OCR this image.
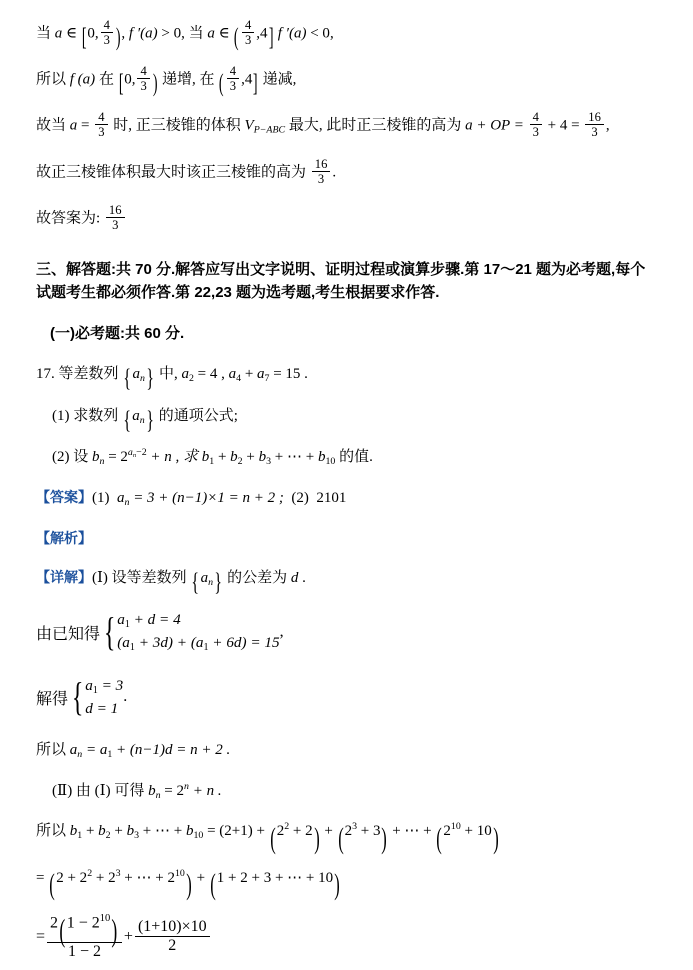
当 a ∈ [0, $\frac{4}{3}$ ), f ′(a) > 0, 当 a ∈ ( $\frac{4}{3} ,4$] f ′(a) < 0,
所以 f (a) 在 [0, $\frac{4}{3}$ ) 递增, 在 ( $\frac{4}{3} ,4$] 递减,
故当 $a = \frac{4}{3}$ 时, 正三棱锥的体积 $V_{P-ABC}$ 最大, 此时正三棱锥的高为 a + OP = $\frac{4}{3} + 4 = \frac{16}{3}$ ,
故正三棱锥体积最大时该正三棱锥的高为 $\frac{16}{3}$ .
故答案为: $\frac{16}{3}$
三、解答题:共 70 分.解答应写出文字说明、证明过程或演算步骤.第 17～21 题为必考题,每个试题考生都必须作答.第 22,23 题为选考题,考生根据要求作答.
(一)必考题:共 60 分.
17. 等差数列 $\{a_n\}$ 中, $a_2 = 4$ , $a_4 + a_7 = 15$ .
(1) 求数列 $\{a_n\}$ 的通项公式;
(2) 设 $b_n = 2^{a_n-2} + n$ , 求 $b_1 + b_2 + b_3$ + ⋯ + $b_{10}$ 的值.
【答案】(1) $a_n = 3 + (n-1)\times 1 = n + 2$ ; (2) 2101
【解析】
【详解】(Ⅰ) 设等差数列 $\{a_n\}$ 的公差为 d .
由已知得 { $a_1 + d = 4$
$(a_1 + 3d) + (a_1 + 6d) = 15$
,
解得 { $a_1 = 3$
d = 1
.
所以 $a_n = a_1 + (n-1)d = n + 2$ .
(Ⅱ) 由 (Ⅰ) 可得 $b_n = 2^n + n$ .
所以 $b_1 + b_2 + b_3$ + ⋯ + $b_{10} = (2+1) + (2^2 + 2) + (2^3 + 3)$ + ⋯ + $(2^{10} + 10)$
= ($2 + 2^2 + 2^3$ + ⋯ + $2^{10}) + (1 + 2 + 3$ + ⋯ + 10)
= $\frac{2(1 - 2^{10})}{1 - 2} + \frac{(1+10)\times 10}{2}$
